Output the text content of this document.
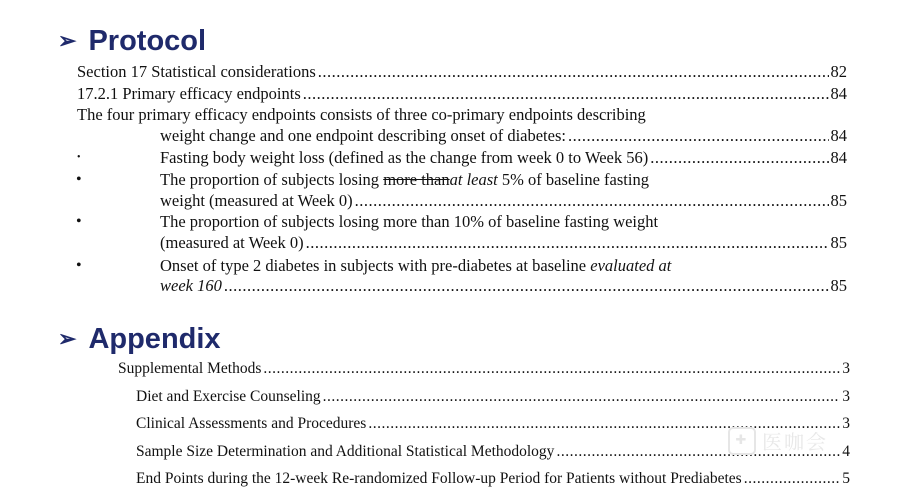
➢ Protocol
Section 17 Statistical considerations .....	82
17.2.1 Primary efficacy endpoints .....	84
The four primary efficacy endpoints consists of three co-primary endpoints describing
weight change and one endpoint describing onset of diabetes: .....	84
•	Fasting body weight loss (defined as the change from week 0 to Week 56) .....	84
•	The proportion of subjects losing more thanat least 5% of baseline fasting
weight (measured at Week 0) .....	85
•	The proportion of subjects losing more than 10% of baseline fasting weight
(measured at Week 0) .....	85
•	Onset of type 2 diabetes in subjects with pre-diabetes at baseline evaluated at
week 160 .....	85
➢ Appendix
Supplemental Methods .....	3
Diet and Exercise Counseling .....	3
Clinical Assessments and Procedures .....	3
Sample Size Determination and Additional Statistical Methodology .....	4
End Points during the 12-week Re-randomized Follow-up Period for Patients without Prediabetes .....	5
✚ 医咖会
